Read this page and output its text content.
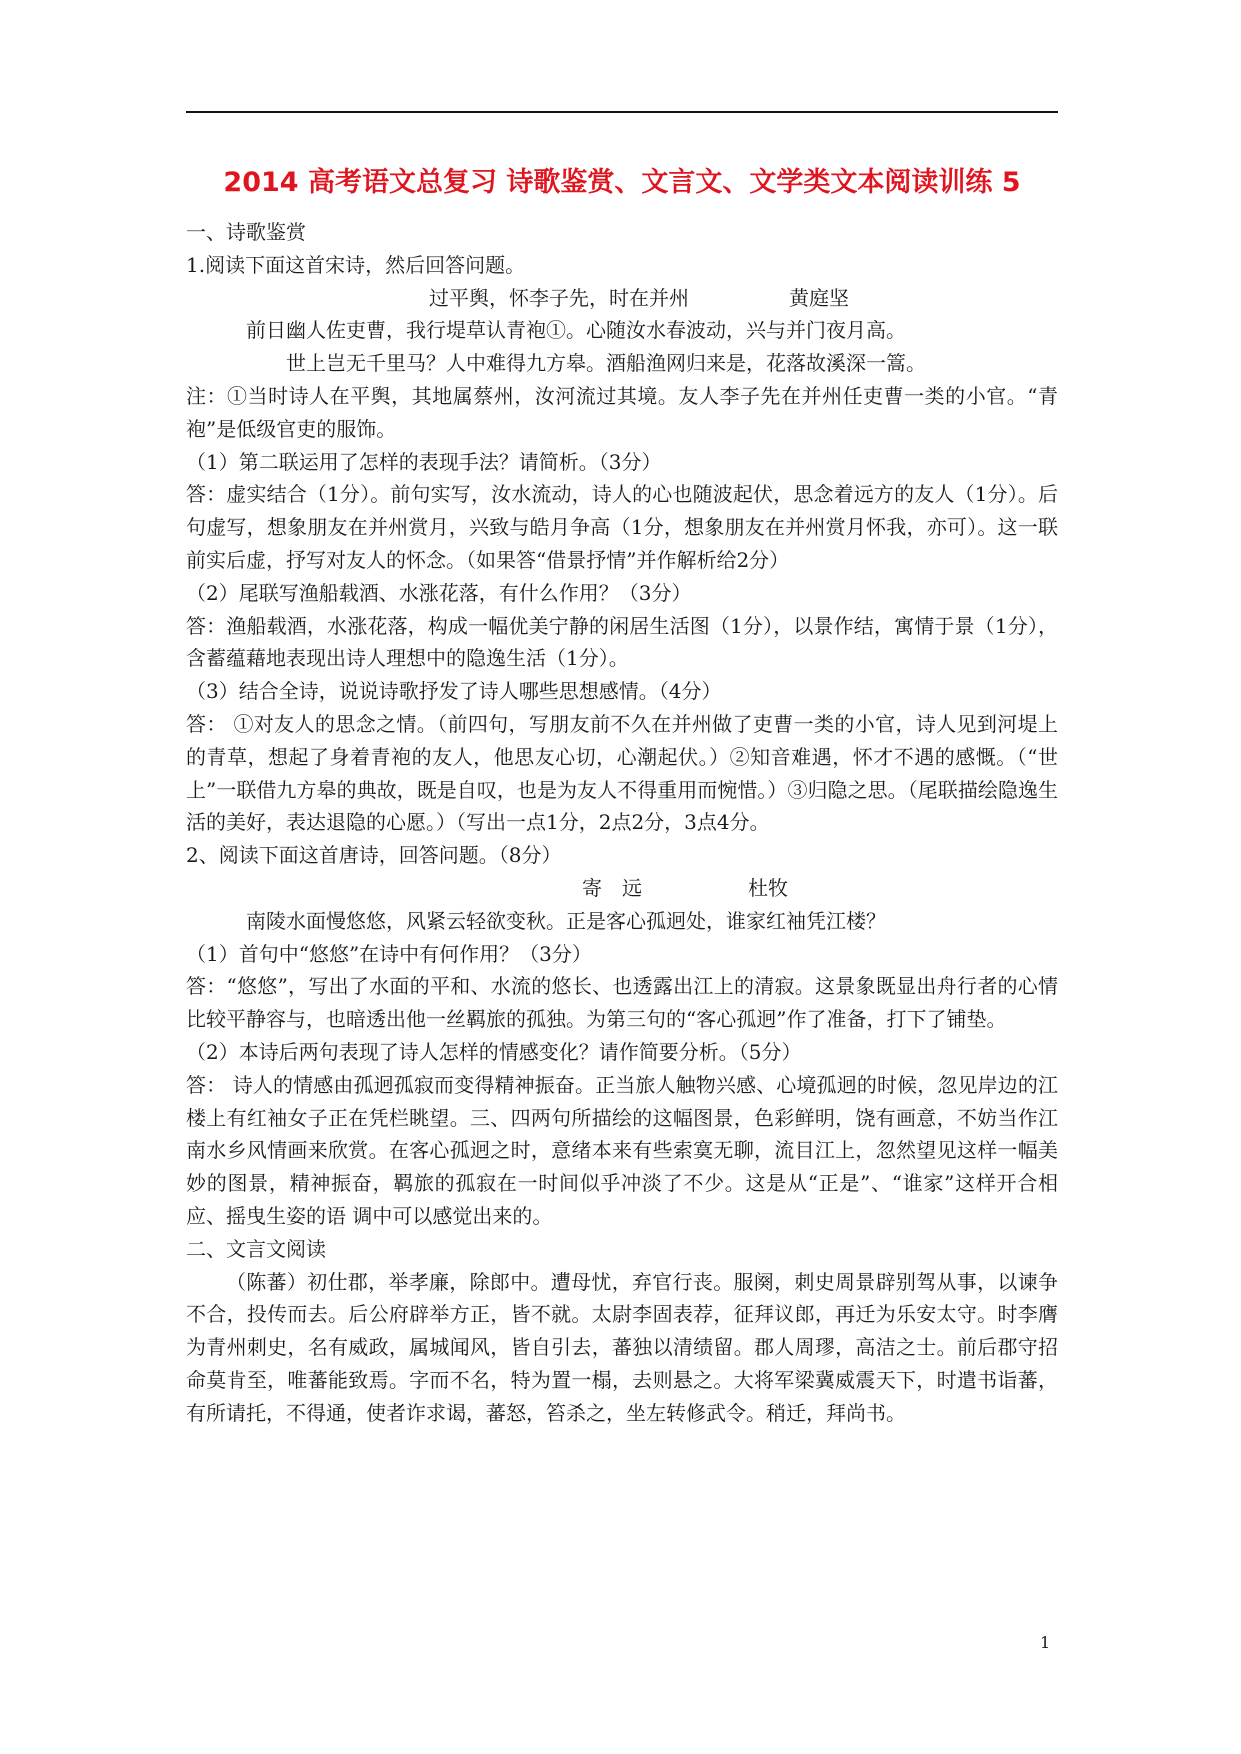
2014 高考语文总复习 诗歌鉴赏、文言文、文学类文本阅读训练 5

一、诗歌鉴赏

1.阅读下面这首宋诗，然后回答问题。

过平舆，怀李子先，时在并州	黄庭坚

前日幽人佐吏曹，我行堤草认青袍①。心随汝水春波动，兴与并门夜月高。

世上岂无千里马？人中难得九方皋。酒船渔网归来是，花落故溪深一篙。

注：①当时诗人在平舆，其地属蔡州，汝河流过其境。友人李子先在并州任吏曹一类的小官。“青袍”是低级官吏的服饰。

（1）第二联运用了怎样的表现手法？请简析。（3分）

答：虚实结合（1分）。前句实写，汝水流动，诗人的心也随波起伏，思念着远方的友人（1分）。后句虚写，想象朋友在并州赏月，兴致与皓月争高（1分，想象朋友在并州赏月怀我，亦可）。这一联前实后虚，抒写对友人的怀念。（如果答“借景抒情”并作解析给2分）

（2）尾联写渔船载酒、水涨花落，有什么作用？（3分）

答：渔船载酒，水涨花落，构成一幅优美宁静的闲居生活图（1分），以景作结，寓情于景（1分），含蓄蕴藉地表现出诗人理想中的隐逸生活（1分）。

（3）结合全诗，说说诗歌抒发了诗人哪些思想感情。（4分）

答： ①对友人的思念之情。（前四句，写朋友前不久在并州做了吏曹一类的小官，诗人见到河堤上的青草，想起了身着青袍的友人，他思友心切，心潮起伏。）②知音难遇，怀才不遇的感慨。（“世上”一联借九方皋的典故，既是自叹，也是为友人不得重用而惋惜。）③归隐之思。（尾联描绘隐逸生活的美好，表达退隐的心愿。）（写出一点1分，2点2分，3点4分。

2、阅读下面这首唐诗，回答问题。（8分）

寄　远	杜牧

南陵水面慢悠悠，风紧云轻欲变秋。正是客心孤迥处，谁家红袖凭江楼？

（1）首句中“悠悠”在诗中有何作用？（3分）

答：“悠悠”，写出了水面的平和、水流的悠长、也透露出江上的清寂。这景象既显出舟行者的心情比较平静容与，也暗透出他一丝羁旅的孤独。为第三句的“客心孤迥”作了准备，打下了铺垫。

（2）本诗后两句表现了诗人怎样的情感变化？请作简要分析。（5分）

答： 诗人的情感由孤迥孤寂而变得精神振奋。正当旅人触物兴感、心境孤迥的时候，忽见岸边的江楼上有红袖女子正在凭栏眺望。三、四两句所描绘的这幅图景，色彩鲜明，饶有画意，不妨当作江南水乡风情画来欣赏。在客心孤迥之时，意绪本来有些索寞无聊，流目江上，忽然望见这样一幅美妙的图景，精神振奋，羁旅的孤寂在一时间似乎冲淡了不少。这是从“正是”、“谁家”这样开合相应、摇曳生姿的语 调中可以感觉出来的。

二、文言文阅读

（陈蕃）初仕郡，举孝廉，除郎中。遭母忧，弃官行丧。服阕，刺史周景辟别驾从事，以谏争不合，投传而去。后公府辟举方正，皆不就。太尉李固表荐，征拜议郎，再迁为乐安太守。时李膺为青州刺史，名有威政，属城闻风，皆自引去，蕃独以清绩留。郡人周璆，高洁之士。前后郡守招命莫肯至，唯蕃能致焉。字而不名，特为置一榻，去则悬之。大将军梁冀威震天下，时遣书诣蕃，有所请托，不得通，使者诈求谒，蕃怒，笞杀之，坐左转修武令。稍迁，拜尚书。

1
